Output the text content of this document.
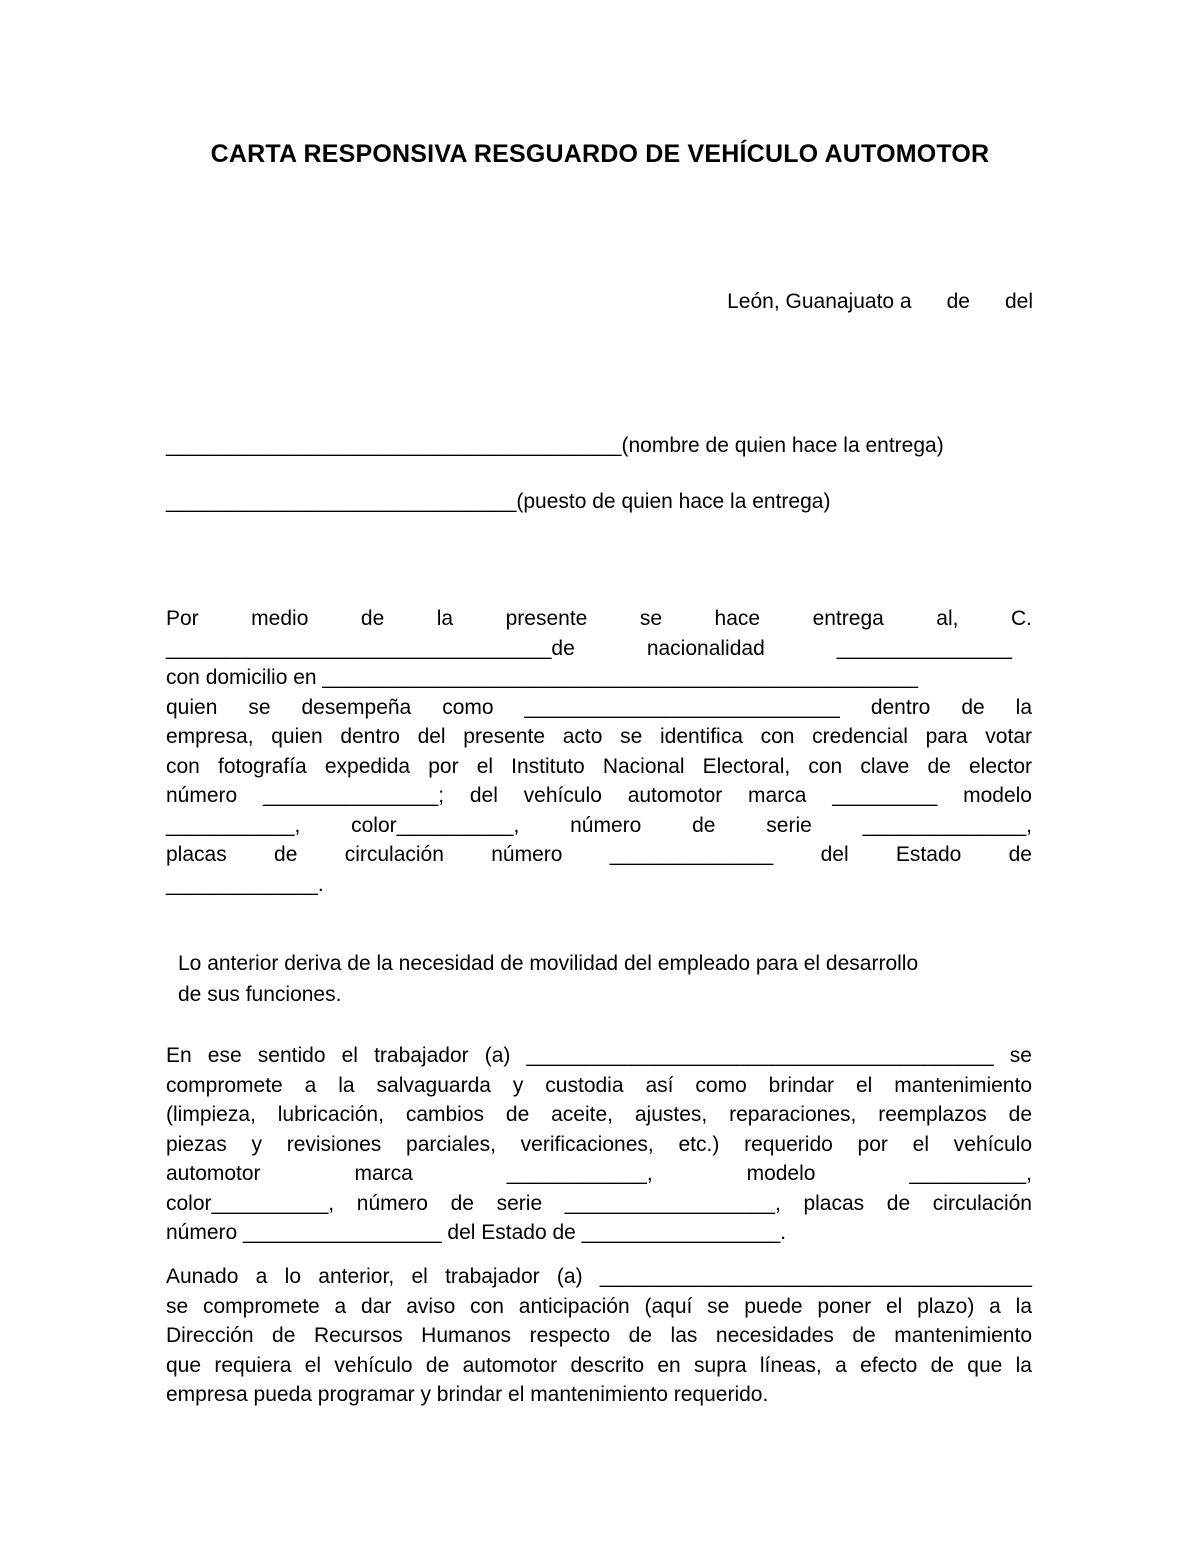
CARTA RESPONSIVA RESGUARDO DE VEHÍCULO AUTOMOTOR
León, Guanajuato a      de      del
_______________________________________(nombre de quien hace la entrega)
______________________________(puesto de quien hace la entrega)
Por medio de la presente se hace entrega al, C.
_________________________________de nacionalidad _______________
con domicilio en ___________________________________________________
quien se desempeña como ___________________________ dentro de la
empresa, quien dentro del presente acto se identifica con credencial para votar
con fotografía expedida por el Instituto Nacional Electoral, con clave de elector
número _______________; del vehículo automotor marca _________ modelo
___________, color__________, número de serie ______________,
placas de circulación número ______________ del Estado de
_____________.
Lo anterior deriva de la necesidad de movilidad del empleado para el desarrollo
de sus funciones.
En ese sentido el trabajador (a) ________________________________________ se
compromete a la salvaguarda y custodia así como brindar el mantenimiento
(limpieza, lubricación, cambios de aceite, ajustes, reparaciones, reemplazos de
piezas y revisiones parciales, verificaciones, etc.) requerido por el vehículo
automotor marca ____________, modelo __________,
color__________, número de serie __________________, placas de circulación
número _________________ del Estado de _________________.
Aunado a lo anterior, el trabajador (a) _____________________________________
se compromete a dar aviso con anticipación (aquí se puede poner el plazo) a la
Dirección de Recursos Humanos respecto de las necesidades de mantenimiento
que requiera el vehículo de automotor descrito en supra líneas, a efecto de que la
empresa pueda programar y brindar el mantenimiento requerido.
